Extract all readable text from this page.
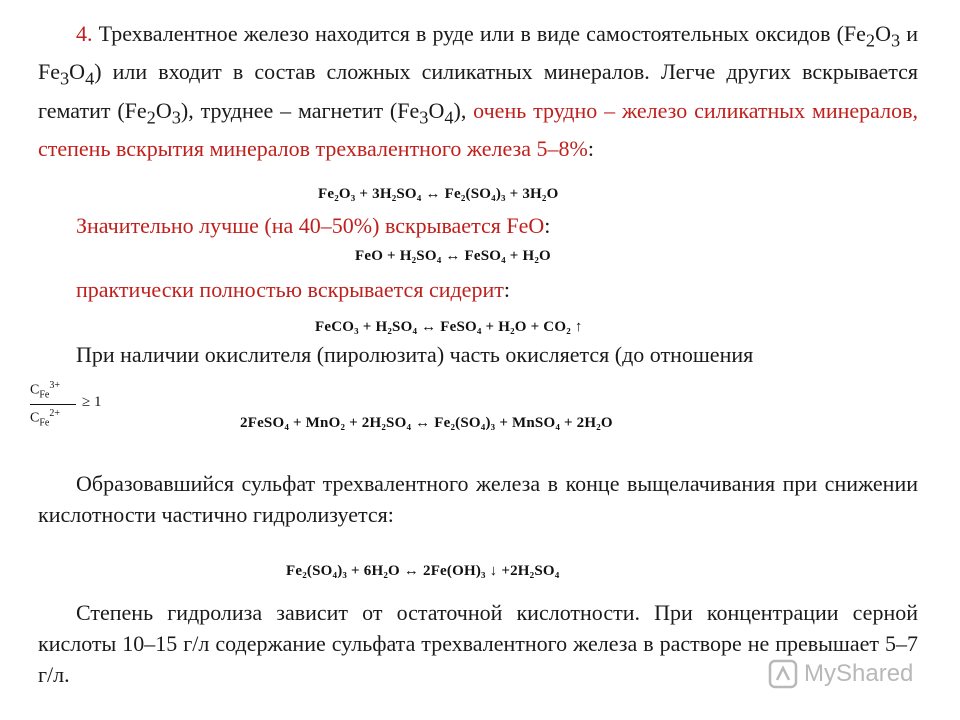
4. Трехвалентное железо находится в руде или в виде самостоятельных оксидов ($Fe_2O_3$ и $Fe_3O_4$) или входит в состав сложных силикатных минералов. Легче других вскрывается гематит $(Fe_2O_3)$, труднее – магнетит $(Fe_3O_4)$, очень трудно – железо силикатных минералов, степень вскрытия минералов трехвалентного железа 5–8%:

Fe₂O₃ + 3H₂SO₄ ↔ Fe₂(SO₄)₃ + 3H₂O
Значительно лучше (на 40–50%) вскрывается FeO:
FeO + H₂SO₄ ↔ FeSO₄ + H₂O
практически полностью вскрывается сидерит:
FeCO₃ + H₂SO₄ ↔ FeSO₄ + H₂O + CO₂ ↑
При наличии окислителя (пиролюзита) часть окисляется (до отношения
$C_{Fe}^{3+}$
$C_{Fe}^{2+}$
≥ 1
2FeSO₄ + MnO₂ + 2H₂SO₄ ↔ Fe₂(SO₄)₃ + MnSO₄ + 2H₂O

Образовавшийся сульфат трехвалентного железа в конце выщелачивания при снижении кислотности частично гидролизуется:

Fe₂(SO₄)₃ + 6H₂O ↔ 2Fe(OH)₃ ↓ +2H₂SO₄

Степень гидролиза зависит от остаточной кислотности. При концентрации серной кислоты 10–15 г/л содержание сульфата трехвалентного железа в растворе не превышает 5–7 г/л.	MyShared
